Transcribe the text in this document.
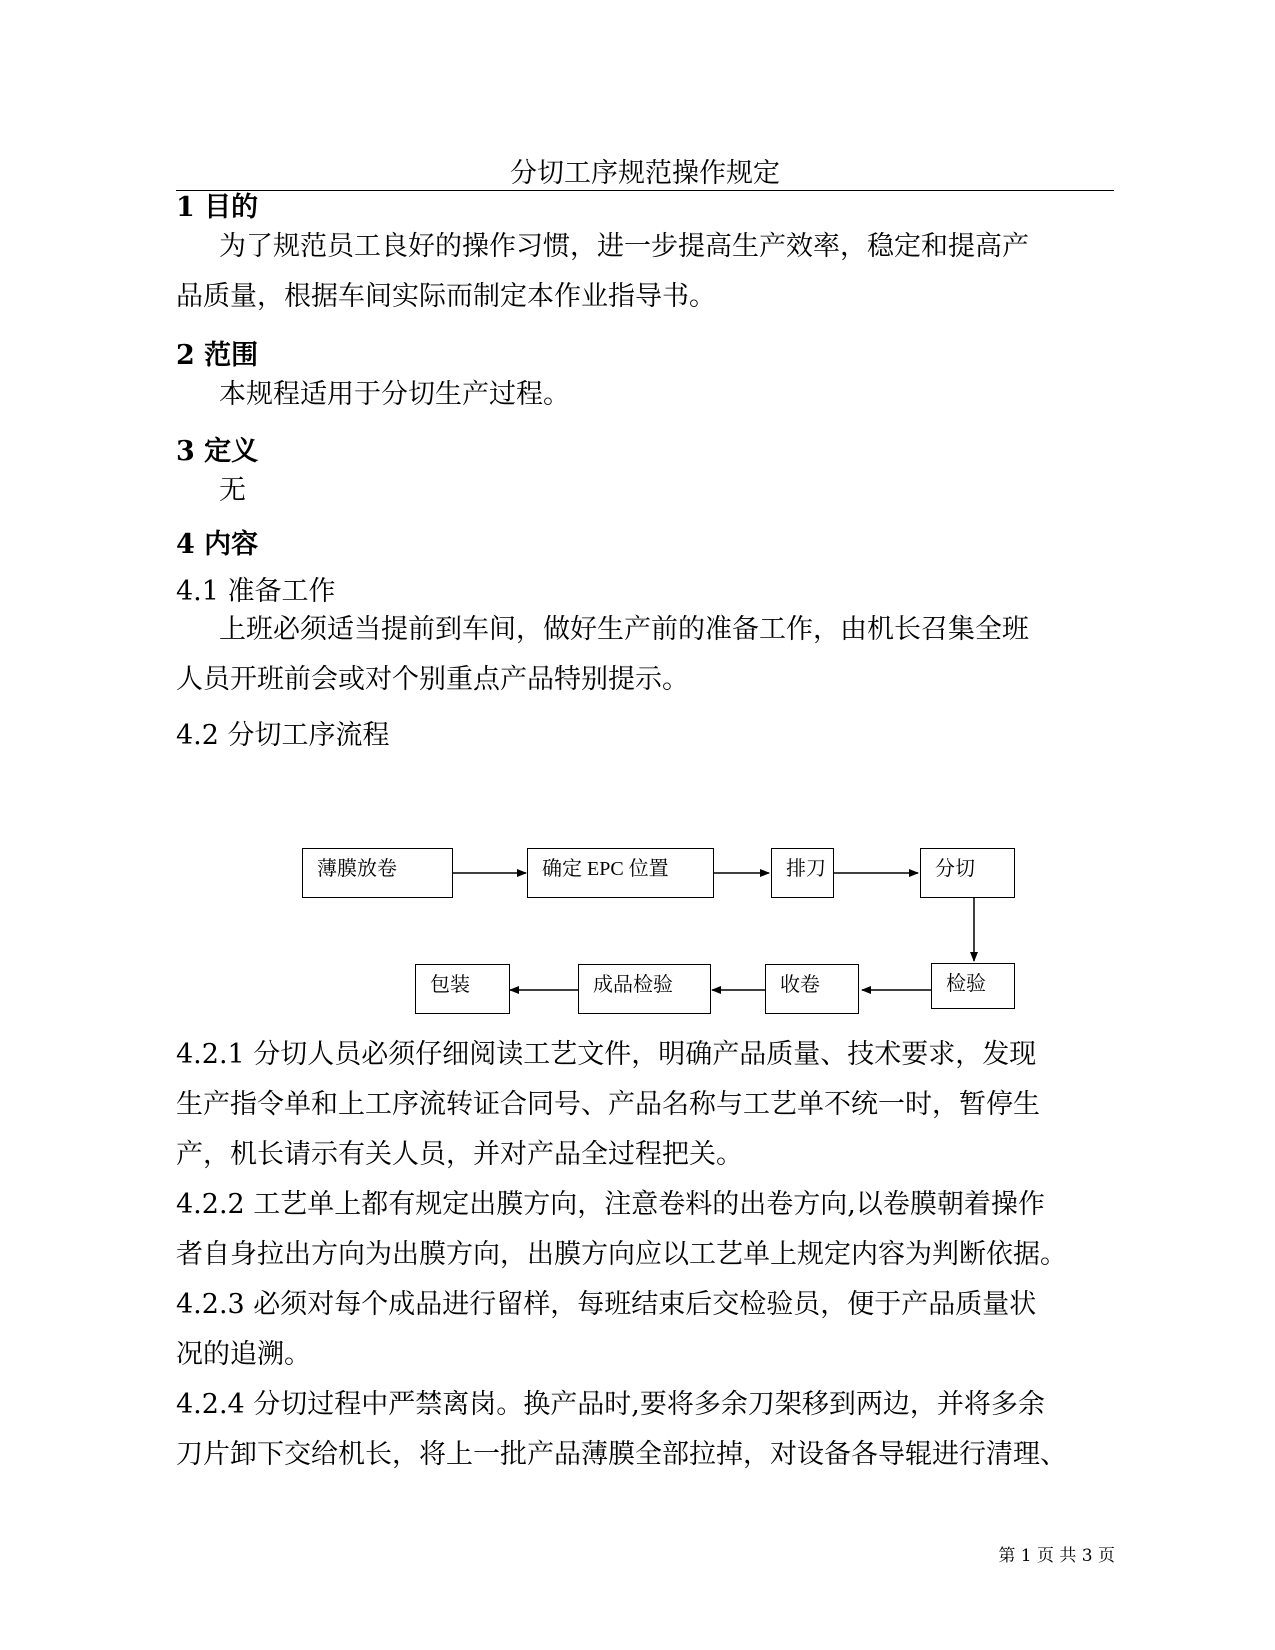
分切工序规范操作规定
1 目的
为了规范员工良好的操作习惯，进一步提高生产效率，稳定和提高产
品质量，根据车间实际而制定本作业指导书。
2 范围
本规程适用于分切生产过程。
3 定义
无
4 内容
4.1 准备工作
上班必须适当提前到车间，做好生产前的准备工作，由机长召集全班
人员开班前会或对个别重点产品特别提示。
4.2 分切工序流程
薄膜放卷	确定 EPC 位置	排刀	分切
检验
收卷
成品检验
包装
4.2.1 分切人员必须仔细阅读工艺文件，明确产品质量、技术要求，发现
生产指令单和上工序流转证合同号、产品名称与工艺单不统一时，暂停生
产，机长请示有关人员，并对产品全过程把关。
4.2.2 工艺单上都有规定出膜方向，注意卷料的出卷方向,以卷膜朝着操作
者自身拉出方向为出膜方向，出膜方向应以工艺单上规定内容为判断依据。
4.2.3 必须对每个成品进行留样，每班结束后交检验员，便于产品质量状
况的追溯。
4.2.4 分切过程中严禁离岗。换产品时,要将多余刀架移到两边，并将多余
刀片卸下交给机长，将上一批产品薄膜全部拉掉，对设备各导辊进行清理、
第 1 页 共 3 页
